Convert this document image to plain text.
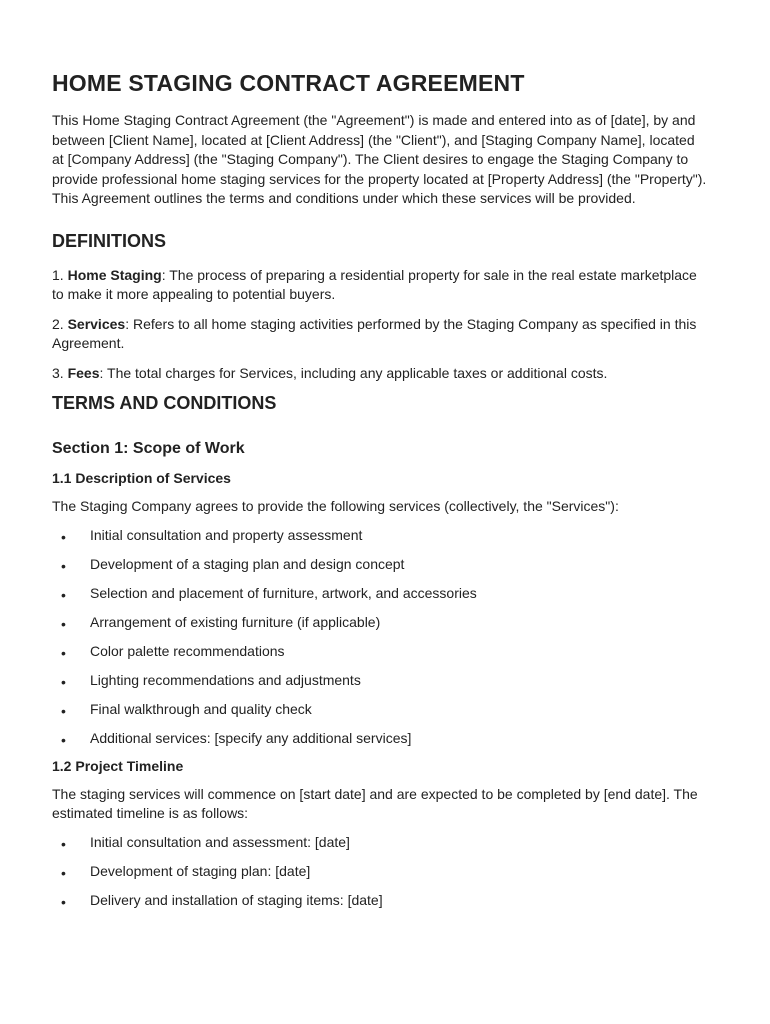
HOME STAGING CONTRACT AGREEMENT

This Home Staging Contract Agreement (the "Agreement") is made and entered into as of [date], by and between [Client Name], located at [Client Address] (the "Client"), and [Staging Company Name], located at [Company Address] (the "Staging Company"). The Client desires to engage the Staging Company to provide professional home staging services for the property located at [Property Address] (the "Property"). This Agreement outlines the terms and conditions under which these services will be provided.

DEFINITIONS

1. Home Staging: The process of preparing a residential property for sale in the real estate marketplace to make it more appealing to potential buyers.

2. Services: Refers to all home staging activities performed by the Staging Company as specified in this Agreement.

3. Fees: The total charges for Services, including any applicable taxes or additional costs.

TERMS AND CONDITIONS
Section 1: Scope of Work
1.1 Description of Services

The Staging Company agrees to provide the following services (collectively, the "Services"):

• Initial consultation and property assessment
• Development of a staging plan and design concept
• Selection and placement of furniture, artwork, and accessories
• Arrangement of existing furniture (if applicable)
• Color palette recommendations
• Lighting recommendations and adjustments
• Final walkthrough and quality check
• Additional services: [specify any additional services]
1.2 Project Timeline

The staging services will commence on [start date] and are expected to be completed by [end date]. The estimated timeline is as follows:

• Initial consultation and assessment: [date]
• Development of staging plan: [date]
• Delivery and installation of staging items: [date]
